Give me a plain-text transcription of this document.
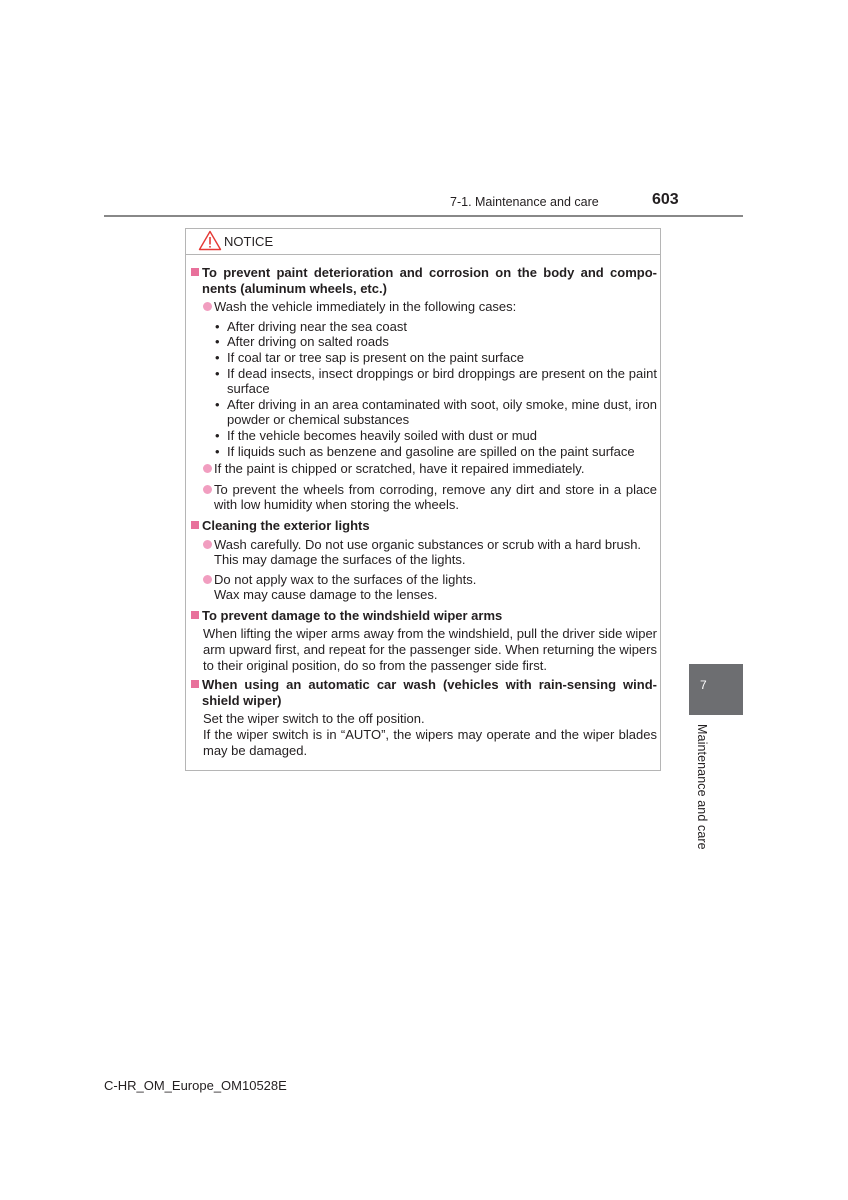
7-1. Maintenance and care	603
NOTICE
To prevent paint deterioration and corrosion on the body and compo-nents (aluminum wheels, etc.)
Wash the vehicle immediately in the following cases:
• After driving near the sea coast
• After driving on salted roads
• If coal tar or tree sap is present on the paint surface
• If dead insects, insect droppings or bird droppings are present on the paint surface
• After driving in an area contaminated with soot, oily smoke, mine dust, iron powder or chemical substances
• If the vehicle becomes heavily soiled with dust or mud
• If liquids such as benzene and gasoline are spilled on the paint surface
If the paint is chipped or scratched, have it repaired immediately.
To prevent the wheels from corroding, remove any dirt and store in a place with low humidity when storing the wheels.
Cleaning the exterior lights
Wash carefully. Do not use organic substances or scrub with a hard brush.
This may damage the surfaces of the lights.
Do not apply wax to the surfaces of the lights.
Wax may cause damage to the lenses.
To prevent damage to the windshield wiper arms
When lifting the wiper arms away from the windshield, pull the driver side wiper arm upward first, and repeat for the passenger side. When returning the wipers to their original position, do so from the passenger side first.
When using an automatic car wash (vehicles with rain-sensing wind-shield wiper)
Set the wiper switch to the off position.
If the wiper switch is in “AUTO”, the wipers may operate and the wiper blades may be damaged.
7
Maintenance and care
C-HR_OM_Europe_OM10528E
